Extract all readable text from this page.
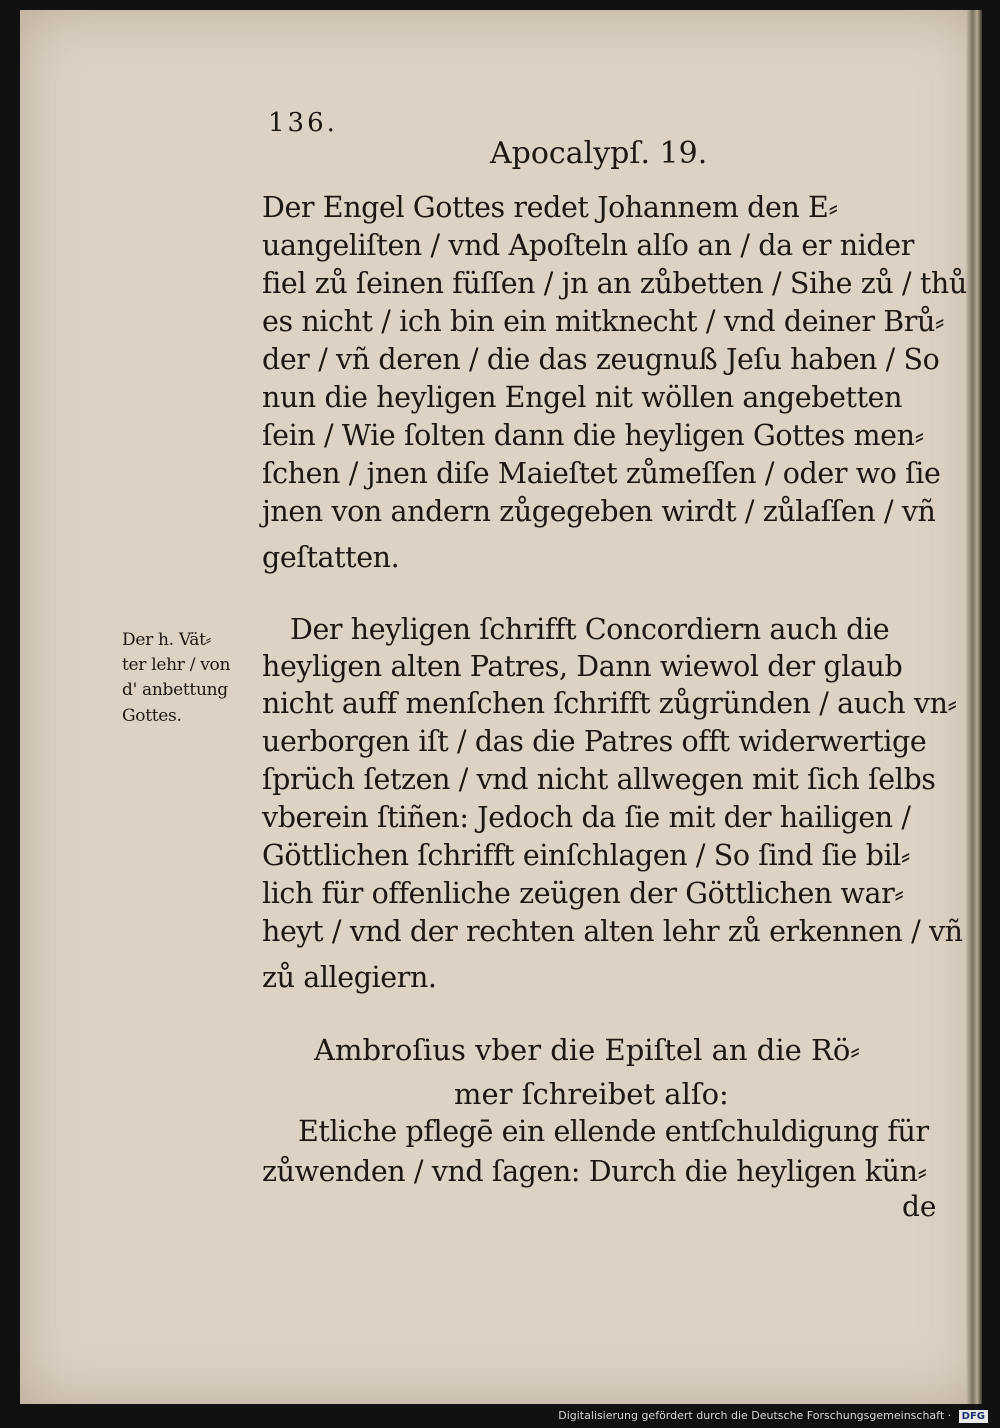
136.
Apocalypſ. 19.
Der Engel Gottes redet Johannem den E⸗
uangeliſten / vnd Apoſteln alſo an / da er nider
fiel zů ſeinen füſſen / jn an zůbetten / Sihe zů / thů
es nicht / ich bin ein mitknecht / vnd deiner Brů⸗
der / vñ deren / die das zeugnuß Jeſu haben / So
nun die heyligen Engel nit wöllen angebetten
ſein / Wie ſolten dann die heyligen Gottes men⸗
ſchen / jnen diſe Maieſtet zůmeſſen / oder wo ſie
jnen von andern zůgegeben wirdt / zůlaſſen / vñ
geſtatten.
Der h. Vät⸗
ter lehr / von
d' anbettung
Gottes.
Der heyligen ſchrifft Concordiern auch die
heyligen alten Patres, Dann wiewol der glaub
nicht auff menſchen ſchrifft zůgründen / auch vn⸗
uerborgen iſt / das die Patres offt widerwertige
ſprüch ſetzen / vnd nicht allwegen mit ſich ſelbs
vberein ſtiñen: Jedoch da ſie mit der hailigen /
Göttlichen ſchrifft einſchlagen / So ſind ſie bil⸗
lich für offenliche zeügen der Göttlichen war⸗
heyt / vnd der rechten alten lehr zů erkennen / vñ
zů allegiern.
Ambroſius vber die Epiſtel an die Rö⸗
mer ſchreibet alſo:
Etliche pflegē ein ellende entſchuldigung für
zůwenden / vnd ſagen: Durch die heyligen kün⸗
de
Digitalisierung gefördert durch die Deutsche Forschungsgemeinschaft · DFG
